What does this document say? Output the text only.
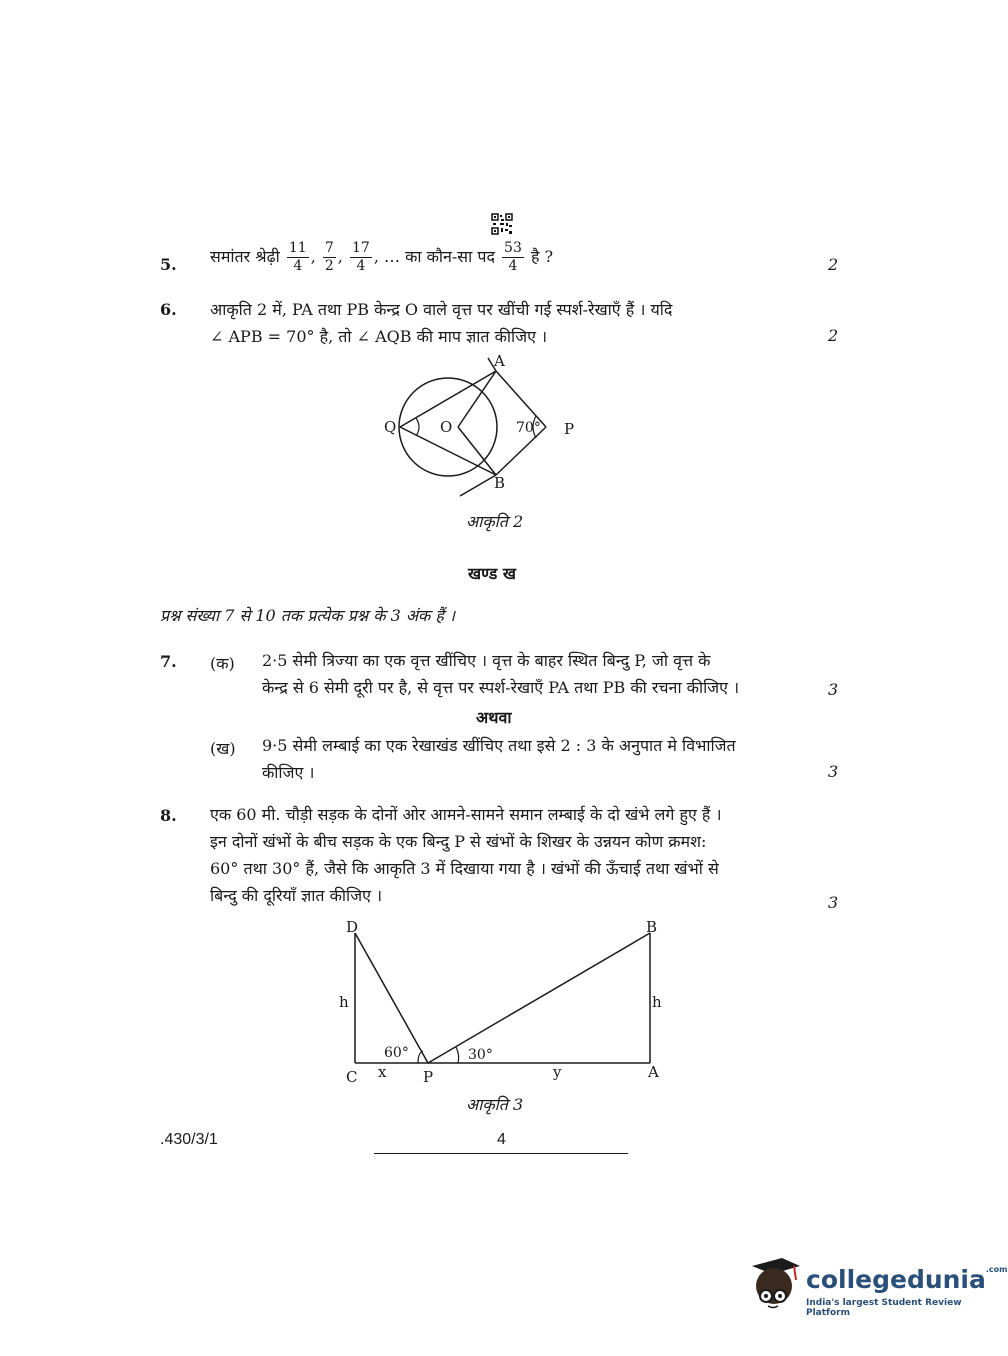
5. समांतर श्रेढ़ी $\frac{11}{4}$ , $\frac{7}{2}$ , $\frac{17}{4}$ , … का कौन-सा पद $\frac{53}{4}$ है ?	2
6. आकृति 2 में, PA तथा PB केन्द्र O वाले वृत्त पर खींची गई स्पर्श-रेखाएँ हैं । यदि
∠ APB = 70° है, तो ∠ AQB की माप ज्ञात कीजिए ।	2
A
B
O	P
Q	70°
आकृति 2
खण्ड ख
प्रश्न संख्या 7 से 10 तक प्रत्येक प्रश्न के 3 अंक हैं ।
7. (क) 2·5 सेमी त्रिज्या का एक वृत्त खींचिए । वृत्त के बाहर स्थित बिन्दु P, जो वृत्त के
केन्द्र से 6 सेमी दूरी पर है, से वृत्त पर स्पर्श-रेखाएँ PA तथा PB की रचना कीजिए ।	3
अथवा
(ख) 9·5 सेमी लम्बाई का एक रेखाखंड खींचिए तथा इसे 2 : 3 के अनुपात मे विभाजित
कीजिए ।	3
8. एक 60 मी. चौड़ी सड़क के दोनों ओर आमने-सामने समान लम्बाई के दो खंभे लगे हुए हैं ।
इन दोनों खंभों के बीच सड़क के एक बिन्दु P से खंभों के शिखर के उन्नयन कोण क्रमश:
60° तथा 30° हैं, जैसे कि आकृति 3 में दिखाया गया है । खंभों की ऊँचाई तथा खंभों से
बिन्दु की दूरियाँ ज्ञात कीजिए ।	3
D	B
C	P	A
h	h
x	y
60°	30°
आकृति 3
.430/3/1	4
collegedunia$^{.com}$
India's largest Student Review Platform
